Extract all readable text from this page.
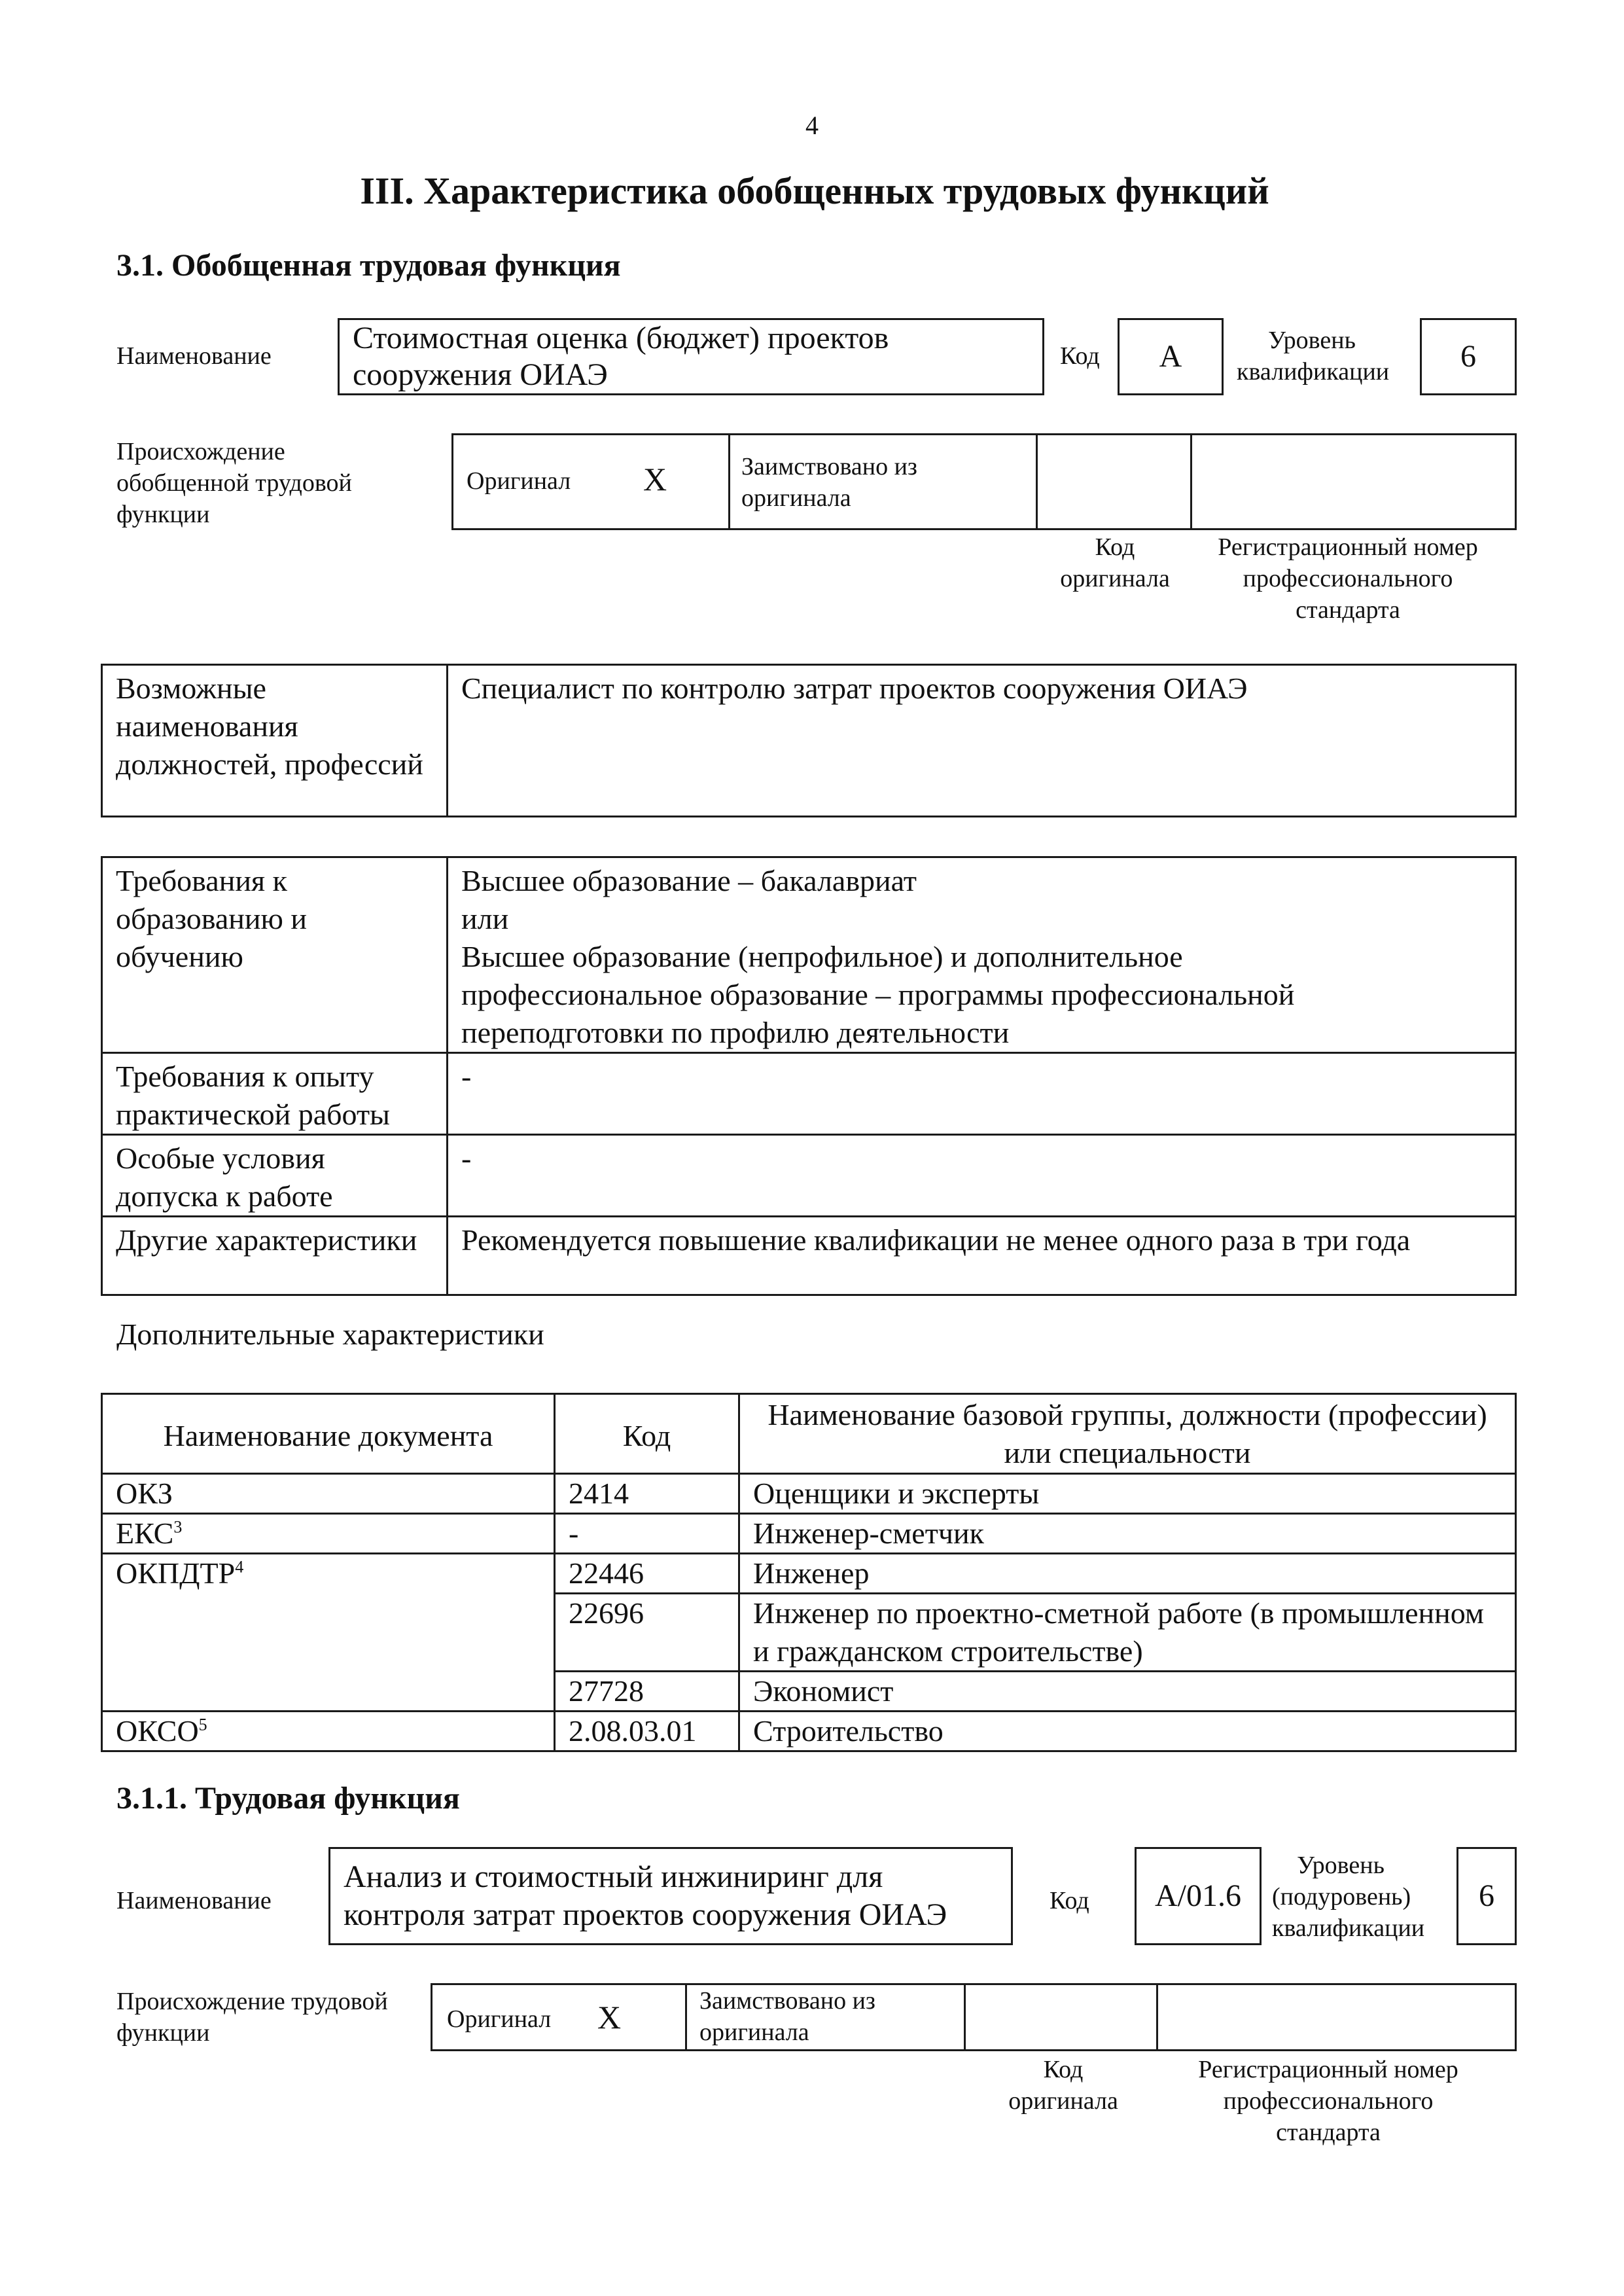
4
III. Характеристика обобщенных трудовых функций
3.1. Обобщенная трудовая функция
Наименование
Стоимостная оценка (бюджет) проектов сооружения ОИАЭ
Код	А	Уровень квалификации	6
Происхождение обобщенной трудовой функции
Оригинал Х	Заимствовано из оригинала
Код оригинала
Регистрационный номер профессионального стандарта
Возможные наименования должностей, профессий

Специалист по контролю затрат проектов сооружения ОИАЭ
Требования к образованию и обучению	Высшее образование – бакалавриат
или
Высшее образование (непрофильное) и дополнительное
профессиональное образование – программы профессиональной
переподготовки по профилю деятельности

Требования к опыту практической работы	-

Особые условия допуска к работе	-

Другие характеристики	Рекомендуется повышение квалификации не менее одного раза в три года
Дополнительные характеристики
Наименование документа	Код	Наименование базовой группы, должности (профессии) или специальности

ОКЗ	2414	Оценщики и эксперты

ЕКС$^3$	-	Инженер-сметчик

ОКПДТР$^4$	22446	Инженер

	22696	Инженер по проектно-сметной работе (в промышленном и гражданском строительстве)

	27728	Экономист

ОКСО$^5$	2.08.03.01	Строительство
3.1.1. Трудовая функция
Наименование
Анализ и стоимостный инжиниринг для контроля затрат проектов сооружения ОИАЭ	Код	А/01.6
Уровень (подуровень) квалификации
6
Происхождение трудовой функции	Оригинал Х	Заимствовано из оригинала
Код оригинала
Регистрационный номер профессионального стандарта
